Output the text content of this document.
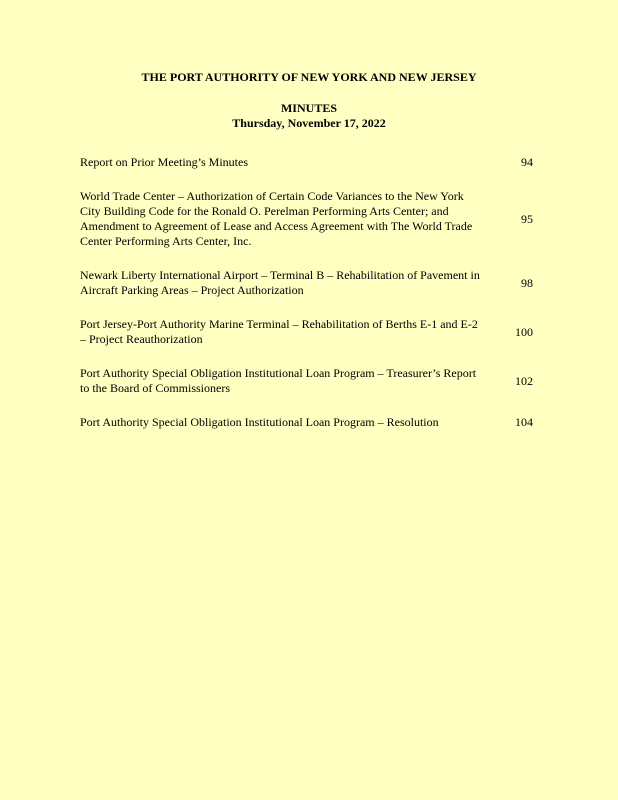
THE PORT AUTHORITY OF NEW YORK AND NEW JERSEY
MINUTES
Thursday, November 17, 2022
Report on Prior Meeting’s Minutes	94
World Trade Center – Authorization of Certain Code Variances to the New York City Building Code for the Ronald O. Perelman Performing Arts Center; and Amendment to Agreement of Lease and Access Agreement with The World Trade Center Performing Arts Center, Inc.
95
Newark Liberty International Airport – Terminal B – Rehabilitation of Pavement in Aircraft Parking Areas – Project Authorization
98
Port Jersey-Port Authority Marine Terminal – Rehabilitation of Berths E-1 and E-2 – Project Reauthorization
100
Port Authority Special Obligation Institutional Loan Program – Treasurer’s Report to the Board of Commissioners
102
Port Authority Special Obligation Institutional Loan Program – Resolution	104
